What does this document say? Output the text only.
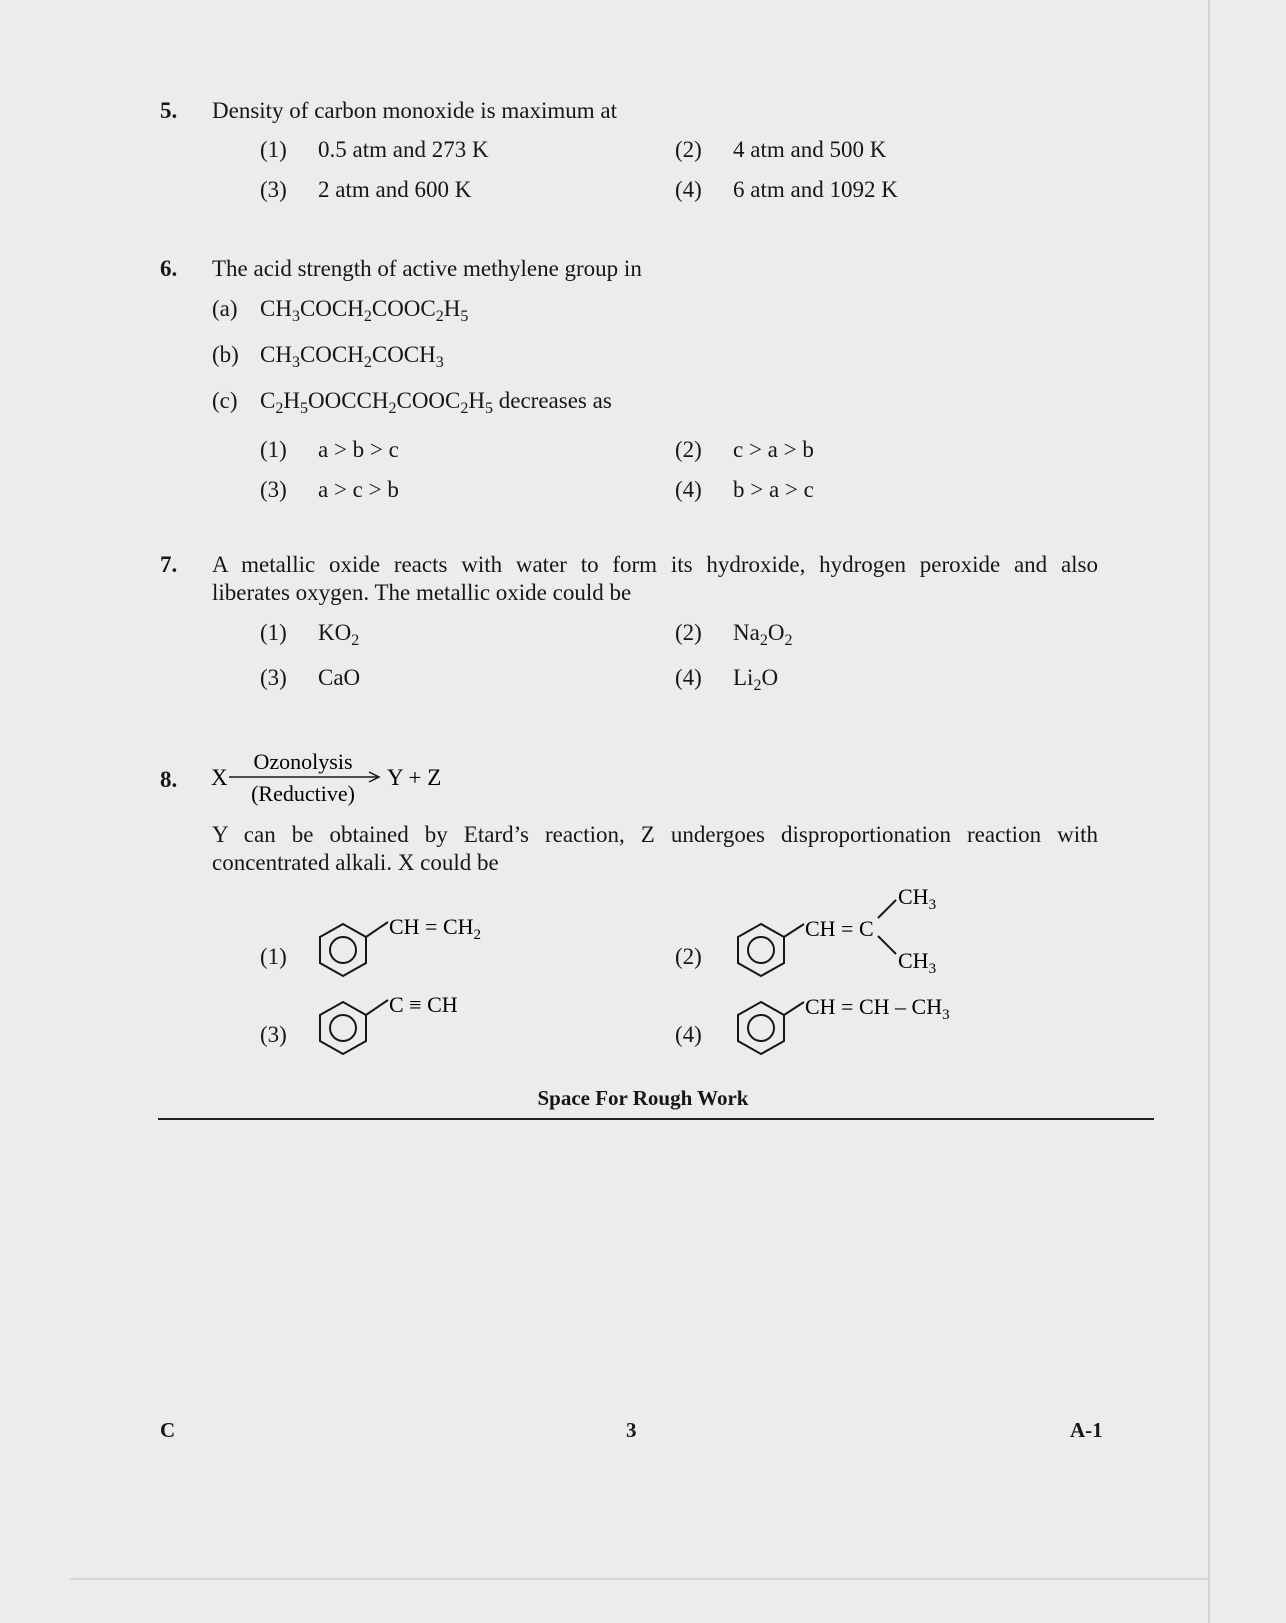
5. Density of carbon monoxide is maximum at
(1) 0.5 atm and 273 K	(2) 4 atm and 500 K
(3) 2 atm and 600 K	(4) 6 atm and 1092 K
6. The acid strength of active methylene group in
(a) $CH_3COCH_2COOC_2H_5$
(b) $CH_3COCH_2COCH_3$
(c) $C_2H_5OOCCH_2COOC_2H_5$ decreases as
(1) a > b > c	(2) c > a > b
(3) a > c > b	(4) b > a > c
7. A metallic oxide reacts with water to form its hydroxide, hydrogen peroxide and also
liberates oxygen. The metallic oxide could be
(1) $KO_2$	(2) $Na_2O_2$
(3) CaO	(4) $Li_2O$
8. X
Ozonolysis
(Reductive)
Y + Z
Y can be obtained by Etard’s reaction, Z undergoes disproportionation reaction with
concentrated alkali. X could be
(1)
CH = $CH_2$
(2)
CH = C
$CH_3$
$CH_3$
(3)
C ≡ CH
(4)
CH = CH – $CH_3$
Space For Rough Work
C	3	A-1
